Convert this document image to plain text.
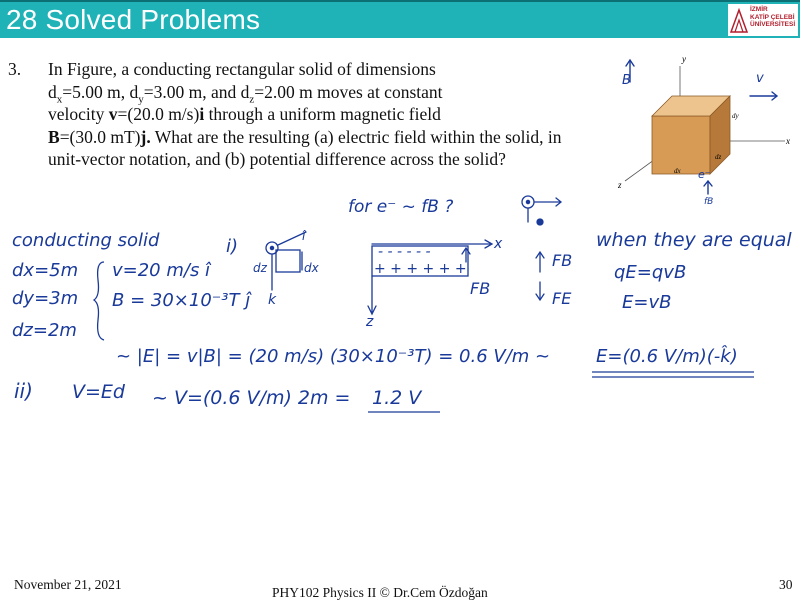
28 Solved Problems	İZMİR
KATİP ÇELEBİ
ÜNİVERSİTESİ
3. In Figure, a conducting rectangular solid of dimensions
$d_x=5.00$ m, $d_y=3.00$ m, and $d_z=2.00$ m moves at constant
velocity v=(20.0 m/s)i through a uniform magnetic field
B=(30.0 mT)j. What are the resulting (a) electric field within the solid, in unit-vector notation, and (b) potential difference across the solid?
y
x
z
dy
dz
dx
B	v
e⁻
fB
for e⁻ ~ fB ?
conducting solid
dx=5m
dy=3m
dz=2m
v=20 m/s î
B = 30×10⁻³T ĵ
i)	î
dz	dx
k
- - - - - -
+ + + + + +
x
z
FB
FB
FE
when they are equal
qE=qvB
E=vB
~ |E| = v|B| = (20 m/s) (30×10⁻³T) = 0.6 V/m ~	E=(0.6 V/m)(-k̂)
ii) V=Ed ~ V=(0.6 V/m) 2m = 1.2 V
November 21, 2021
PHY102 Physics II © Dr.Cem Özdoğan
30
